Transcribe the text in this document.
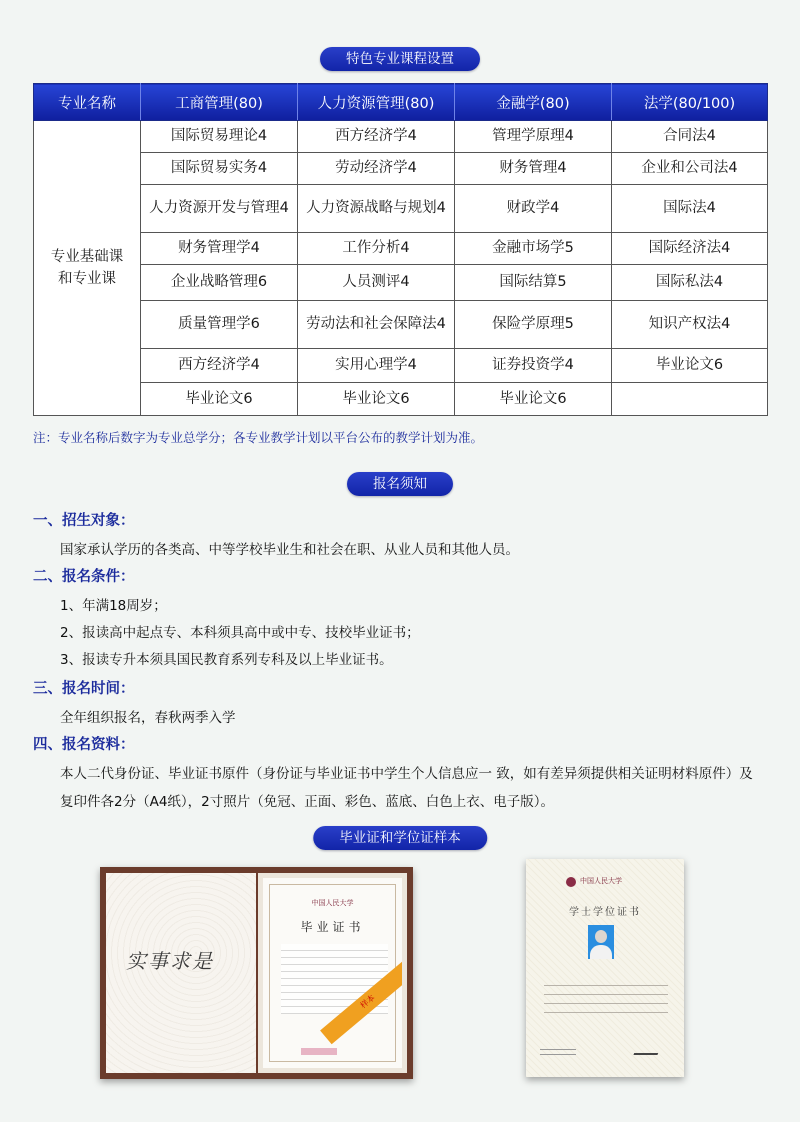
特色专业课程设置
专业名称	工商管理(80)	人力资源管理(80)	金融学(80)	法学(80/100)
专业基础课和专业课	国际贸易理论4	西方经济学4	管理学原理4	合同法4
	国际贸易实务4	劳动经济学4	财务管理4	企业和公司法4
	人力资源开发与管理4	人力资源战略与规划4	财政学4	国际法4
	财务管理学4	工作分析4	金融市场学5	国际经济法4
	企业战略管理6	人员测评4	国际结算5	国际私法4
	质量管理学6	劳动法和社会保障法4	保险学原理5	知识产权法4
	西方经济学4	实用心理学4	证券投资学4	毕业论文6
	毕业论文6	毕业论文6	毕业论文6	
注：专业名称后数字为专业总学分；各专业教学计划以平台公布的教学计划为准。
报名须知
一、招生对象：
国家承认学历的各类高、中等学校毕业生和社会在职、从业人员和其他人员。
二、报名条件：
1、年满18周岁；
2、报读高中起点专、本科须具高中或中专、技校毕业证书；
3、报读专升本须具国民教育系列专科及以上毕业证书。
三、报名时间：
全年组织报名，春秋两季入学
四、报名资料：
本人二代身份证、毕业证书原件（身份证与毕业证书中学生个人信息应一 致，如有差异须提供相关证明材料原件）及
复印件各2分（A4纸），2寸照片（免冠、正面、彩色、蓝底、白色上衣、电子版）。
毕业证和学位证样本
实事求是
中国人民大学
毕业证书
样本
中国人民大学
学士学位证书
